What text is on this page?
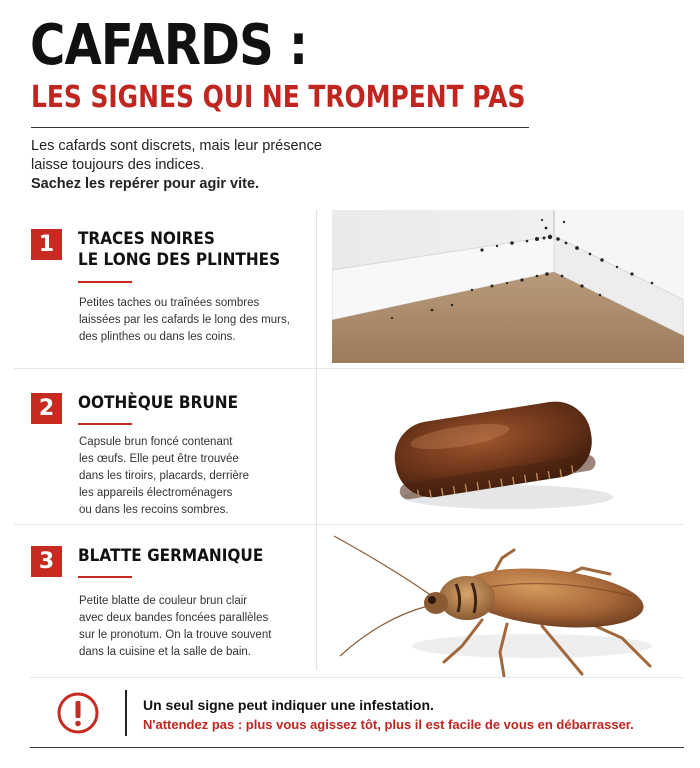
CAFARDS :
LES SIGNES QUI NE TROMPENT PAS
Les cafards sont discrets, mais leur présence
laisse toujours des indices.
Sachez les repérer pour agir vite.
1	TRACES NOIRES
LE LONG DES PLINTHES
Petites taches ou traînées sombres
laissées par les cafards le long des murs,
des plinthes ou dans les coins.
2	OOTHÈQUE BRUNE
Capsule brun foncé contenant
les œufs. Elle peut être trouvée
dans les tiroirs, placards, derrière
les appareils électroménagers
ou dans les recoins sombres.
3	BLATTE GERMANIQUE
Petite blatte de couleur brun clair
avec deux bandes foncées parallèles
sur le pronotum. On la trouve souvent
dans la cuisine et la salle de bain.
Un seul signe peut indiquer une infestation.
N'attendez pas : plus vous agissez tôt, plus il est facile de vous en débarrasser.
